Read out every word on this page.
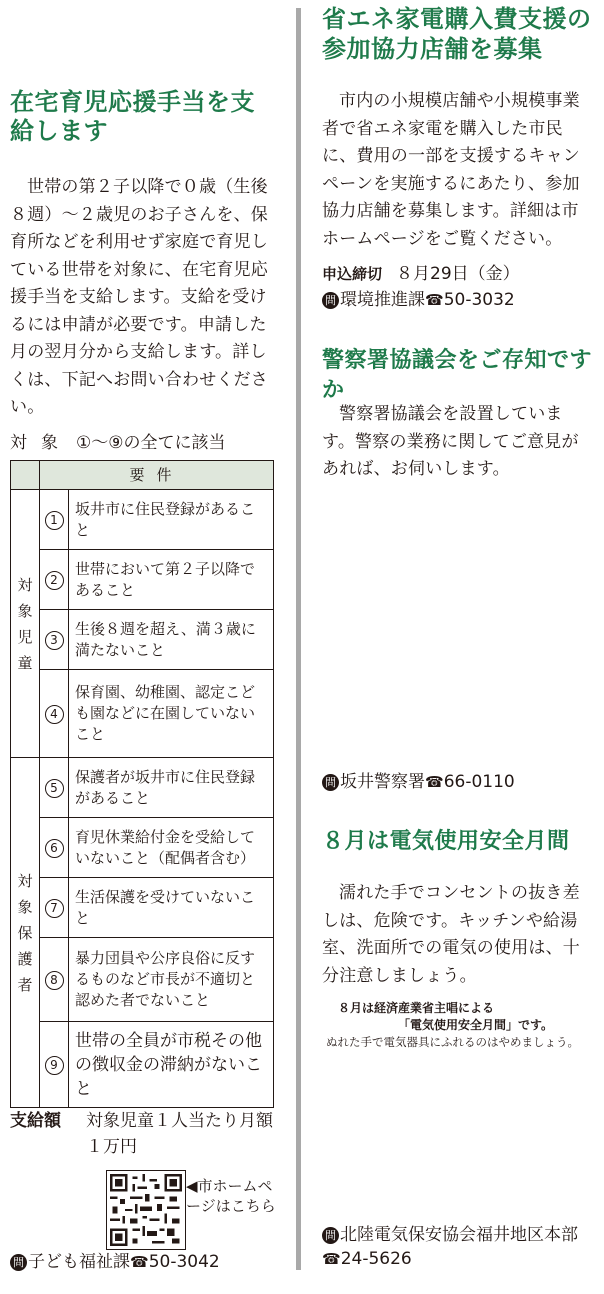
在宅育児応援手当を支給します

世帯の第２子以降で０歳（生後８週）～２歳児のお子さんを、保育所などを利用せず家庭で育児している世帯を対象に、在宅育児応援手当を支給します。支給を受けるには申請が必要です。申請した月の翌月分から支給します。詳しくは、下記へお問い合わせください。

対象 ①～⑨の全てに該当
	要件	
対象児童	1	坂井市に住民登録があること
	2	世帯において第２子以降であること
	3	生後８週を超え、満３歳に満たないこと
	4	保育園、幼稚園、認定こども園などに在園していないこと
対象保護者	5	保護者が坂井市に住民登録があること
	6	育児休業給付金を受給していないこと（配偶者含む）
	7	生活保護を受けていないこと
	8	暴力団員や公序良俗に反するものなど市長が不適切と認めた者でないこと
	9	世帯の全員が市税その他の徴収金の滞納がないこと
支給額 対象児童１人当たり月額
１万円
◀市ホームページはこちら
問 子ども福祉課☎50-3042
省エネ家電購入費支援の参加協力店舗を募集

市内の小規模店舗や小規模事業者で省エネ家電を購入した市民に、費用の一部を支援するキャンペーンを実施するにあたり、参加協力店舗を募集します。詳細は市ホームページをご覧ください。

申込締切 ８月29日（金）
問 環境推進課☎50-3032
警察署協議会をご存知ですか

警察署協議会を設置しています。警察の業務に関してご意見があれば、お伺いします。

問 坂井警察署☎66-0110
８月は電気使用安全月間

濡れた手でコンセントの抜き差しは、危険です。キッチンや給湯室、洗面所での電気の使用は、十分注意しましょう。

８月は経済産業省主唱による
「電気使用安全月間」です。
ぬれた手で電気器具にふれるのはやめましょう。
問 北陸電気保安協会福井地区本部☎24-5626
